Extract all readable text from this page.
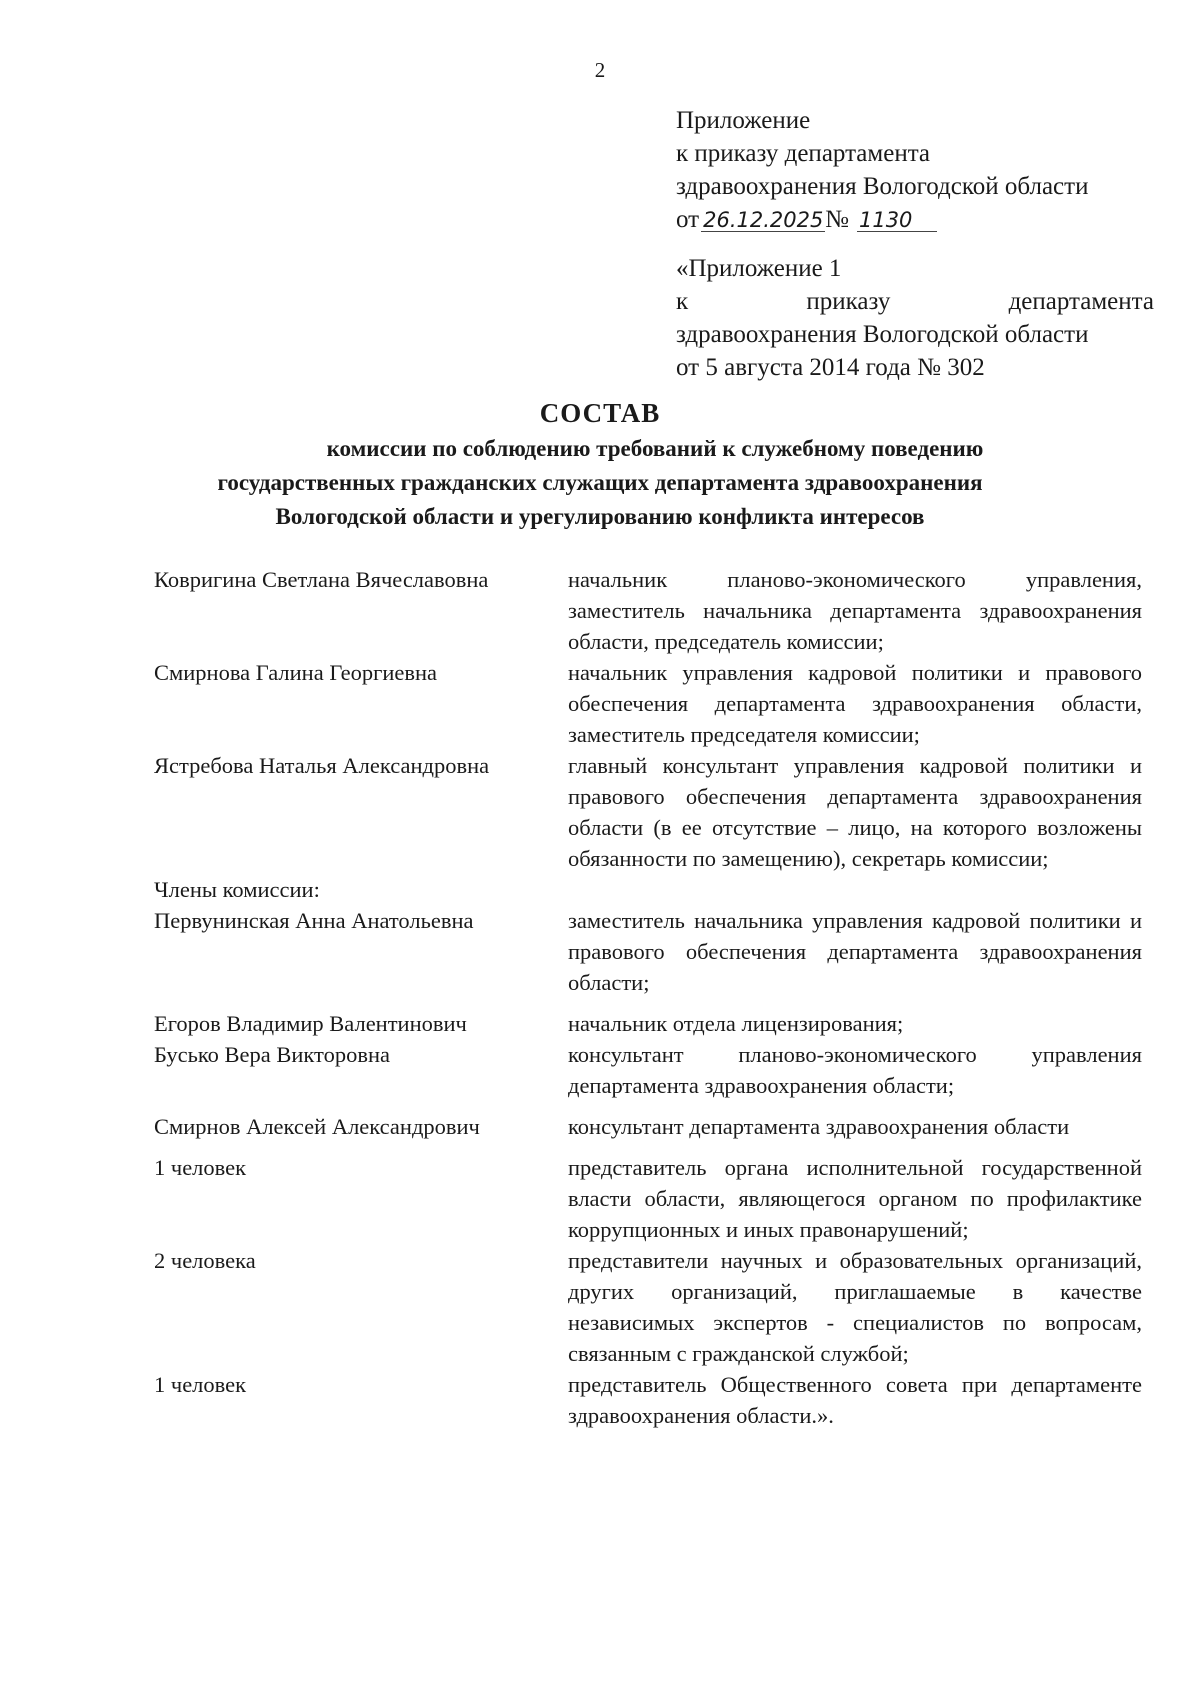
2
Приложение
к приказу департамента
здравоохранения Вологодской области
от 26.12.2025№ 1130
«Приложение 1
к	приказу	департамента
здравоохранения Вологодской области
от 5 августа 2014 года № 302
СОСТАВ
комиссии по соблюдению требований к служебному поведению
государственных гражданских служащих департамента здравоохранения
Вологодской области и урегулированию конфликта интересов
Ковригина Светлана Вячеславовна	начальник планово-экономического управления, заместитель начальника департамента здравоохранения области, председатель комиссии;
Смирнова Галина Георгиевна	начальник управления кадровой политики и правового обеспечения департамента здравоохранения области, заместитель председателя комиссии;
Ястребова Наталья Александровна	главный консультант управления кадровой политики и правового обеспечения департамента здравоохранения области (в ее отсутствие – лицо, на которого возложены обязанности по замещению), секретарь комиссии;
Члены комиссии:
Первунинская Анна Анатольевна	заместитель начальника управления кадровой политики и правового обеспечения департамента здравоохранения области;
Егоров Владимир Валентинович	начальник отдела лицензирования;
Бусько Вера Викторовна	консультант планово-экономического управления департамента здравоохранения области;
Смирнов Алексей Александрович	консультант департамента здравоохранения области
1 человек	представитель органа исполнительной государственной власти области, являющегося органом по профилактике коррупционных и иных правонарушений;
2 человека	представители научных и образовательных организаций, других организаций, приглашаемые в качестве независимых экспертов - специалистов по вопросам, связанным с гражданской службой;
1 человек	представитель Общественного совета при департаменте здравоохранения области.».
